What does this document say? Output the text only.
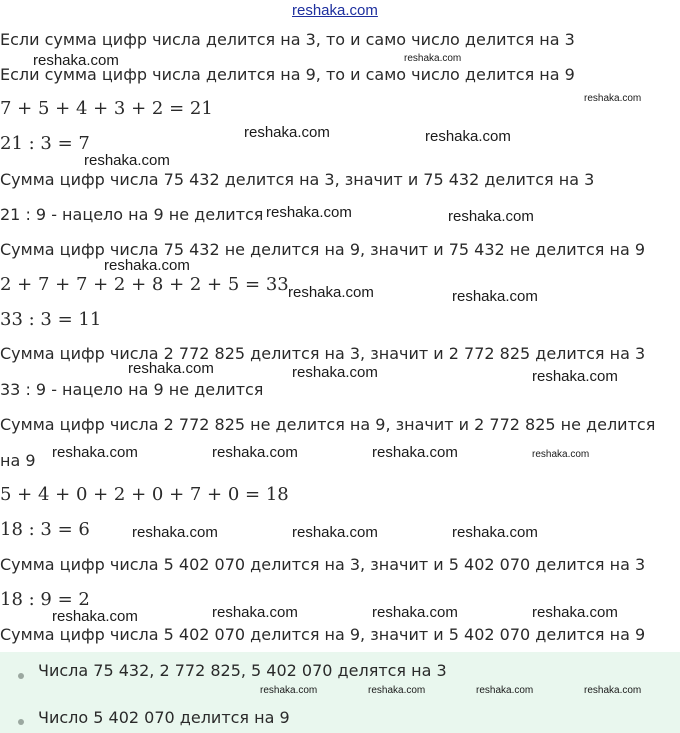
reshaka.com
Если сумма цифр числа делится на 3, то и само число делится на 3
Если сумма цифр числа делится на 9, то и само число делится на 9
7 + 5 + 4 + 3 + 2 = 21
21 : 3 = 7
Сумма цифр числа 75 432 делится на 3, значит и 75 432 делится на 3
21 : 9 - нацело на 9 не делится
Сумма цифр числа 75 432 не делится на 9, значит и 75 432 не делится на 9
2 + 7 + 7 + 2 + 8 + 2 + 5 = 33
33 : 3 = 11
Сумма цифр числа 2 772 825 делится на 3, значит и 2 772 825 делится на 3
33 : 9 - нацело на 9 не делится
Сумма цифр числа 2 772 825 не делится на 9, значит и 2 772 825 не делится
на 9
5 + 4 + 0 + 2 + 0 + 7 + 0 = 18
18 : 3 = 6
Сумма цифр числа 5 402 070 делится на 3, значит и 5 402 070 делится на 3
18 : 9 = 2
Сумма цифр числа 5 402 070 делится на 9, значит и 5 402 070 делится на 9
Числа 75 432, 2 772 825, 5 402 070 делятся на 3
Число 5 402 070 делится на 9
reshaka.com	reshaka.com
reshaka.com
reshaka.com	reshaka.com
reshaka.com
reshaka.com	reshaka.com
reshaka.com
reshaka.com	reshaka.com
reshaka.com	reshaka.com	reshaka.com
reshaka.com	reshaka.com	reshaka.com	reshaka.com
reshaka.com	reshaka.com	reshaka.com
reshaka.com	reshaka.com	reshaka.com	reshaka.com
reshaka.com	reshaka.com	reshaka.com	reshaka.com
